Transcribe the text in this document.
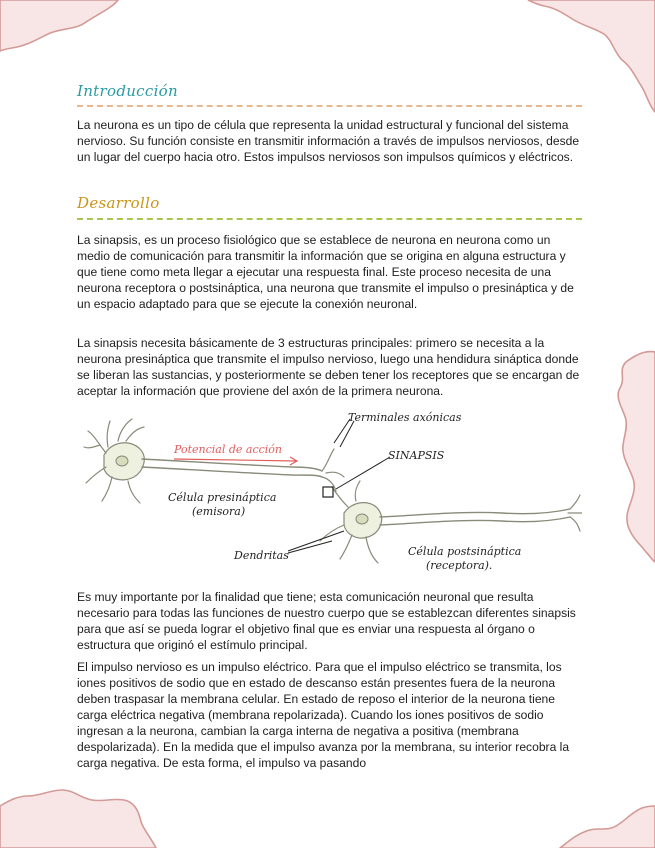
Introducción

La neurona es un tipo de célula que representa la unidad estructural y funcional del sistema nervioso. Su función consiste en transmitir información a través de impulsos nerviosos, desde un lugar del cuerpo hacia otro. Estos impulsos nerviosos son impulsos químicos y eléctricos.

Desarrollo

La sinapsis, es un proceso fisiológico que se establece de neurona en neurona como un medio de comunicación para transmitir la información que se origina en alguna estructura y que tiene como meta llegar a ejecutar una respuesta final. Este proceso necesita de una neurona receptora o postsináptica, una neurona que transmite el impulso o presináptica y de un espacio adaptado para que se ejecute la conexión neuronal.

La sinapsis necesita básicamente de 3 estructuras principales: primero se necesita a la neurona presináptica que transmite el impulso nervioso, luego una hendidura sináptica donde se liberan las sustancias, y posteriormente se deben tener los receptores que se encargan de aceptar la información que proviene del axón de la primera neurona.

Es muy importante por la finalidad que tiene; esta comunicación neuronal que resulta necesario para todas las funciones de nuestro cuerpo que se establezcan diferentes sinapsis para que así se pueda lograr el objetivo final que es enviar una respuesta al órgano o estructura que originó el estímulo principal.

El impulso nervioso es un impulso eléctrico. Para que el impulso eléctrico se transmita, los iones positivos de sodio que en estado de descanso están presentes fuera de la neurona deben traspasar la membrana celular. En estado de reposo el interior de la neurona tiene carga eléctrica negativa (membrana repolarizada). Cuando los iones positivos de sodio ingresan a la neurona, cambian la carga interna de negativa a positiva (membrana despolarizada). En la medida que el impulso avanza por la membrana, su interior recobra la carga negativa. De esta forma, el impulso va pasando

Terminales axónicas
Potencial de acción	SINAPSIS
Célula presináptica
(emisora)
Dendritas	Célula postsináptica
(receptora).
